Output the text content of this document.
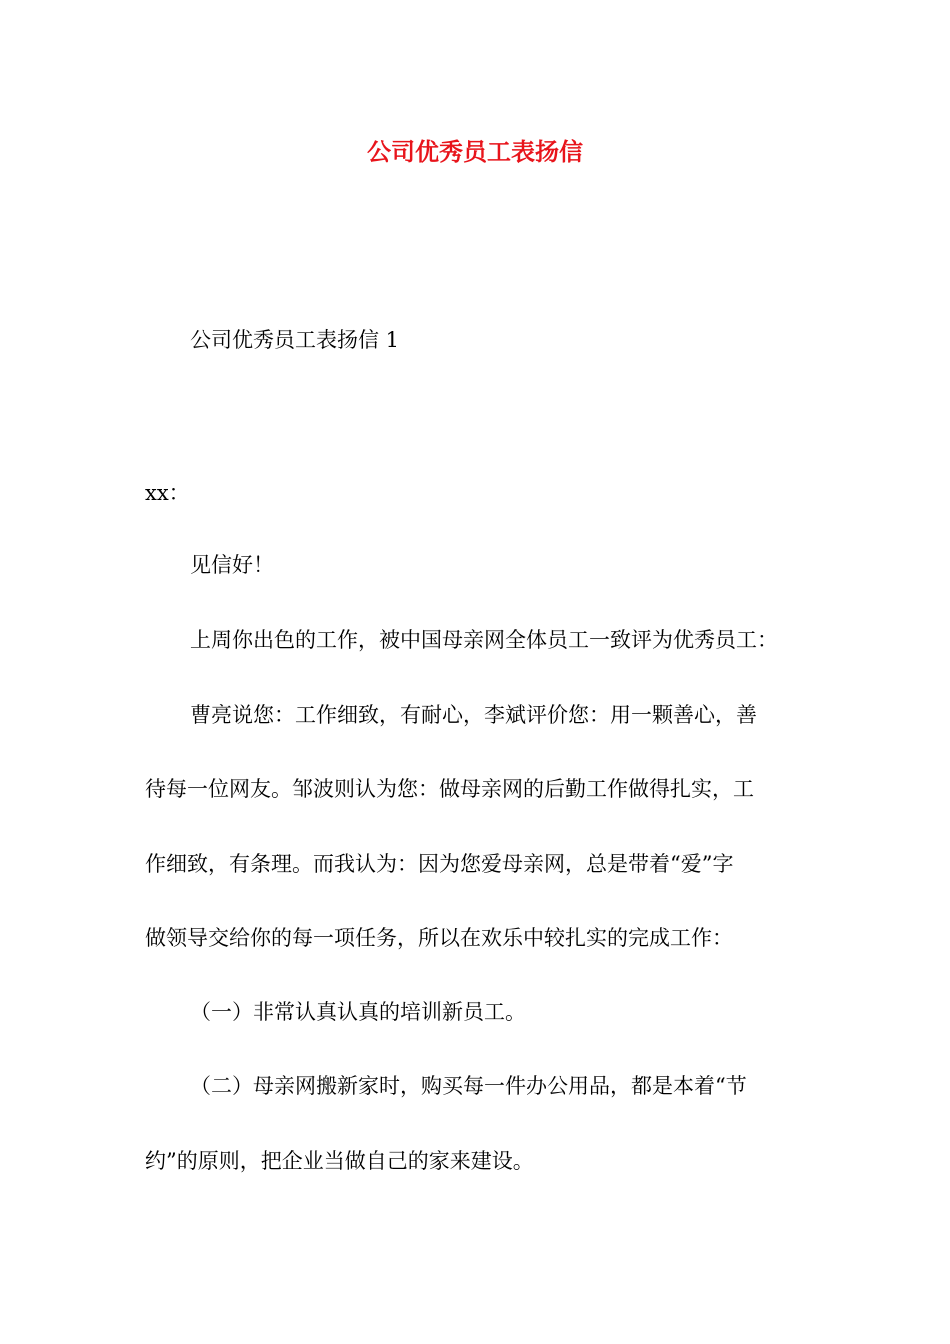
公司优秀员工表扬信
公司优秀员工表扬信 1
xx：
见信好！
上周你出色的工作，被中国母亲网全体员工一致评为优秀员工：
曹亮说您：工作细致，有耐心，李斌评价您：用一颗善心，善
待每一位网友。邹波则认为您：做母亲网的后勤工作做得扎实，工
作细致，有条理。而我认为：因为您爱母亲网，总是带着“爱”字
做领导交给你的每一项任务，所以在欢乐中较扎实的完成工作：
（一）非常认真认真的培训新员工。
（二）母亲网搬新家时，购买每一件办公用品，都是本着“节
约”的原则，把企业当做自己的家来建设。
